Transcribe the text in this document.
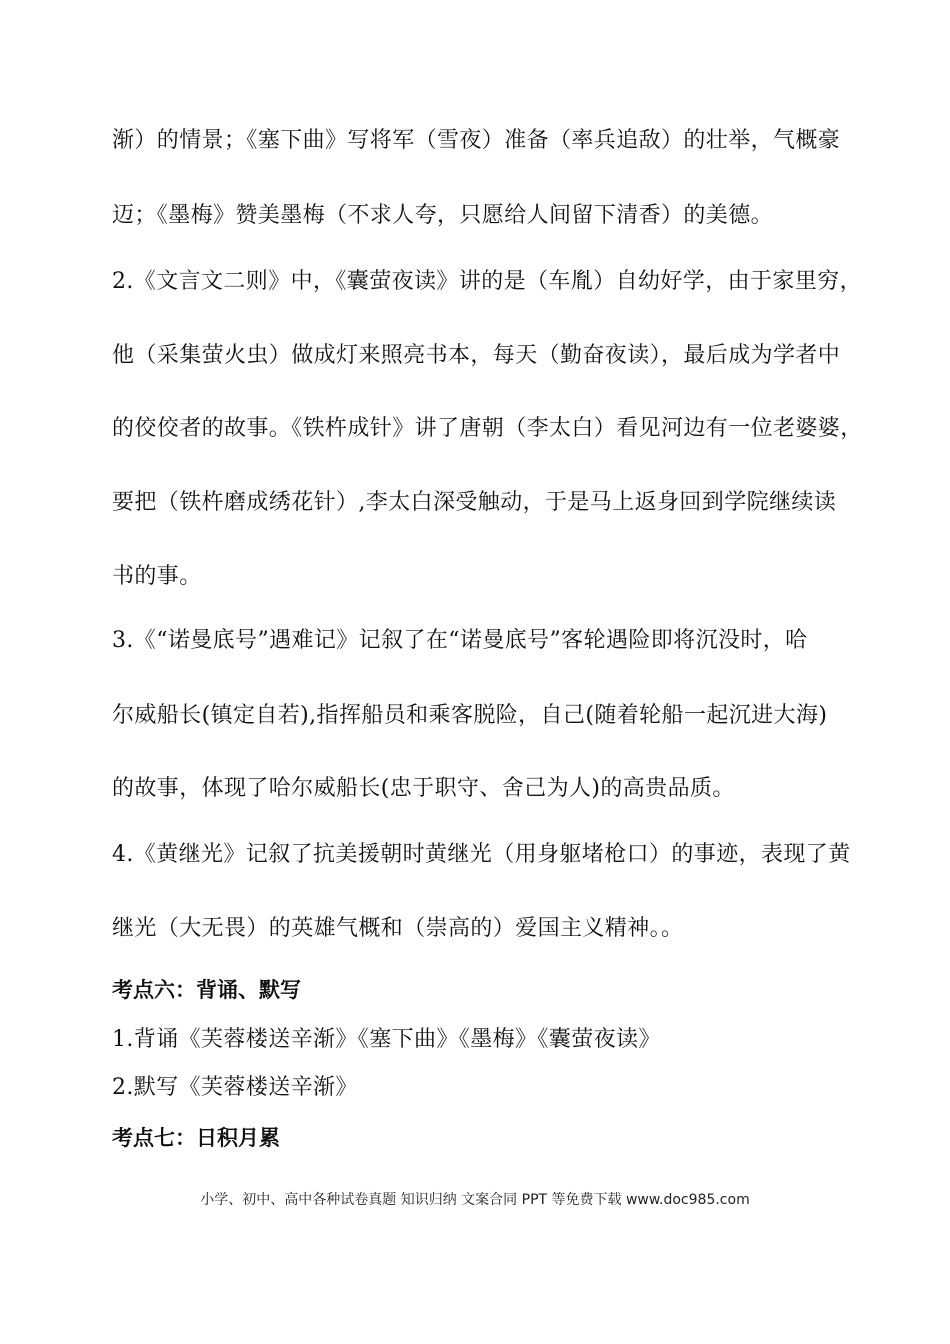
渐）的情景；《塞下曲》写将军（雪夜）准备（率兵追敌）的壮举，气概豪
迈；《墨梅》赞美墨梅（不求人夸，只愿给人间留下清香）的美德。
2.《文言文二则》中，《囊萤夜读》讲的是（车胤）自幼好学，由于家里穷，
他（采集萤火虫）做成灯来照亮书本，每天（勤奋夜读），最后成为学者中
的佼佼者的故事。《铁杵成针》讲了唐朝（李太白）看见河边有一位老婆婆，
要把（铁杵磨成绣花针）,李太白深受触动，于是马上返身回到学院继续读
书的事。
3.《“诺曼底号”遇难记》记叙了在“诺曼底号”客轮遇险即将沉没时，哈
尔威船长(镇定自若),指挥船员和乘客脱险，自己(随着轮船一起沉进大海)
的故事，体现了哈尔威船长(忠于职守、舍己为人)的高贵品质。
4.《黄继光》记叙了抗美援朝时黄继光（用身躯堵枪口）的事迹，表现了黄
继光（大无畏）的英雄气概和（崇高的）爱国主义精神。。
考点六：背诵、默写
1.背诵《芙蓉楼送辛渐》《塞下曲》《墨梅》《囊萤夜读》
2.默写《芙蓉楼送辛渐》
考点七：日积月累
小学、初中、高中各种试卷真题 知识归纳 文案合同 PPT 等免费下载 www.doc985.com
